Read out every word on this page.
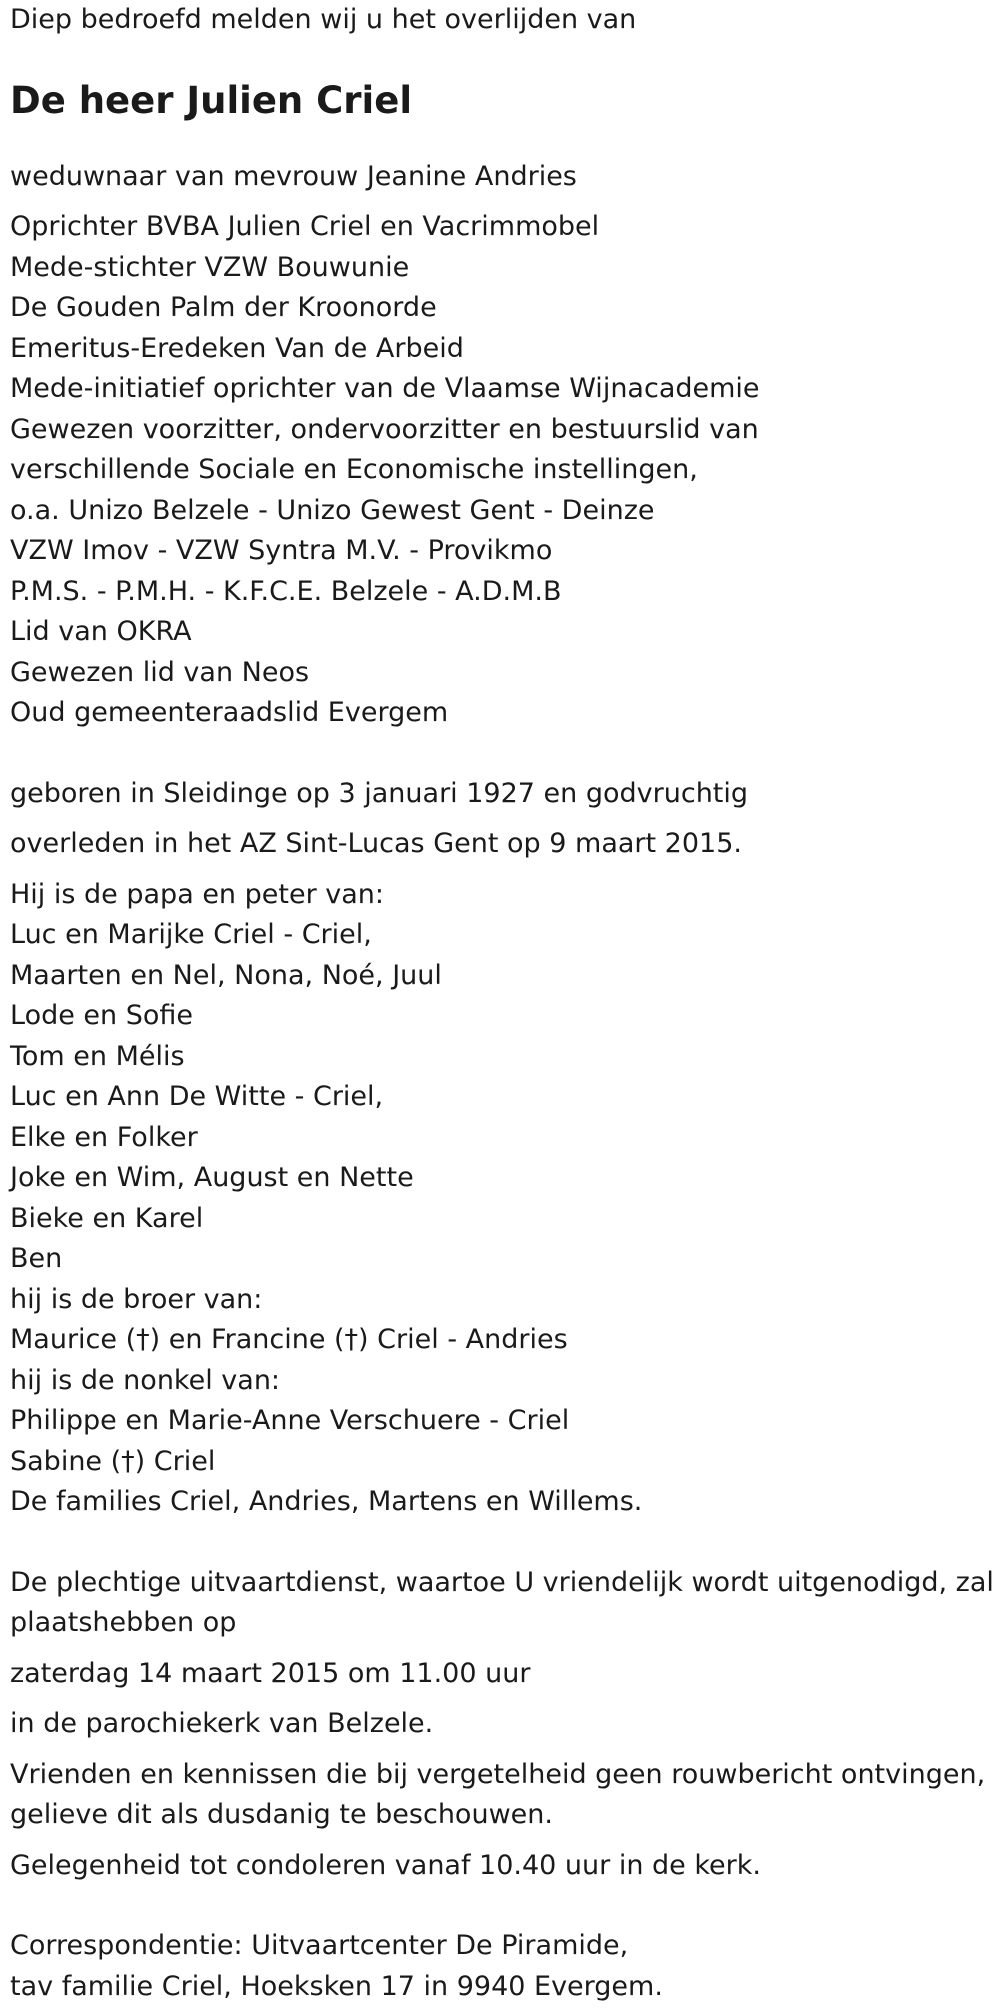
Diep bedroefd melden wij u het overlijden van
De heer Julien Criel
weduwnaar van mevrouw Jeanine Andries
Oprichter BVBA Julien Criel en Vacrimmobel
Mede-stichter VZW Bouwunie
De Gouden Palm der Kroonorde
Emeritus-Eredeken Van de Arbeid
Mede-initiatief oprichter van de Vlaamse Wijnacademie
Gewezen voorzitter, ondervoorzitter en bestuurslid van
verschillende Sociale en Economische instellingen,
o.a. Unizo Belzele - Unizo Gewest Gent - Deinze
VZW Imov - VZW Syntra M.V. - Provikmo
P.M.S. - P.M.H. - K.F.C.E. Belzele - A.D.M.B
Lid van OKRA
Gewezen lid van Neos
Oud gemeenteraadslid Evergem
geboren in Sleidinge op 3 januari 1927 en godvruchtig
overleden in het AZ Sint-Lucas Gent op 9 maart 2015.
Hij is de papa en peter van:
Luc en Marijke Criel - Criel,
Maarten en Nel, Nona, Noé, Juul
Lode en Sofie
Tom en Mélis
Luc en Ann De Witte - Criel,
Elke en Folker
Joke en Wim, August en Nette
Bieke en Karel
Ben
hij is de broer van:
Maurice (†) en Francine (†) Criel - Andries
hij is de nonkel van:
Philippe en Marie-Anne Verschuere - Criel
Sabine (†) Criel
De families Criel, Andries, Martens en Willems.
De plechtige uitvaartdienst, waartoe U vriendelijk wordt uitgenodigd, zal plaatshebben op
zaterdag 14 maart 2015 om 11.00 uur
in de parochiekerk van Belzele.
Vrienden en kennissen die bij vergetelheid geen rouwbericht ontvingen, gelieve dit als dusdanig te beschouwen.
Gelegenheid tot condoleren vanaf 10.40 uur in de kerk.
Correspondentie: Uitvaartcenter De Piramide,
tav familie Criel, Hoeksken 17 in 9940 Evergem.
